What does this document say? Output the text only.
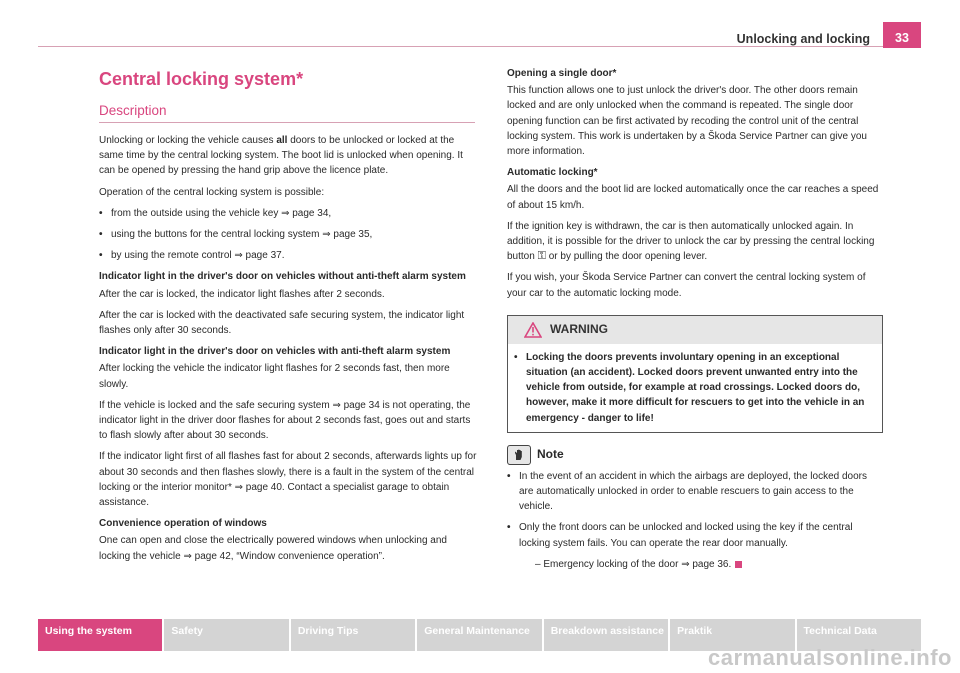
Unlocking and locking	33
Central locking system*
Description

Unlocking or locking the vehicle causes all doors to be unlocked or locked at the same time by the central locking system. The boot lid is unlocked when opening. It can be opened by pressing the hand grip above the licence plate.

Operation of the central locking system is possible:

• from the outside using the vehicle key ⇒ page 34,
• using the buttons for the central locking system ⇒ page 35,
• by using the remote control ⇒ page 37.

Indicator light in the driver's door on vehicles without anti-theft alarm system

After the car is locked, the indicator light flashes after 2 seconds.

After the car is locked with the deactivated safe securing system, the indicator light flashes only after 30 seconds.

Indicator light in the driver's door on vehicles with anti-theft alarm system

After locking the vehicle the indicator light flashes for 2 seconds fast, then more slowly.

If the vehicle is locked and the safe securing system ⇒ page 34 is not operating, the indicator light in the driver door flashes for about 2 seconds fast, goes out and starts to flash slowly after about 30 seconds.

If the indicator light first of all flashes fast for about 2 seconds, afterwards lights up for about 30 seconds and then flashes slowly, there is a fault in the system of the central locking or the interior monitor* ⇒ page 40. Contact a specialist garage to obtain assistance.

Convenience operation of windows

One can open and close the electrically powered windows when unlocking and locking the vehicle ⇒ page 42, “Window convenience operation”.

Opening a single door*

This function allows one to just unlock the driver's door. The other doors remain locked and are only unlocked when the command is repeated. The single door opening function can be first activated by recoding the control unit of the central locking system. This work is undertaken by a Škoda Service Partner can give you more information.

Automatic locking*

All the doors and the boot lid are locked automatically once the car reaches a speed of about 15 km/h.

If the ignition key is withdrawn, the car is then automatically unlocked again. In addition, it is possible for the driver to unlock the car by pressing the central locking button ⚿ or by pulling the door opening lever.

If you wish, your Škoda Service Partner can convert the central locking system of your car to the automatic locking mode.

WARNING
• Locking the doors prevents involuntary opening in an exceptional situation (an accident). Locked doors prevent unwanted entry into the vehicle from outside, for example at road crossings. Locked doors do, however, make it more difficult for rescuers to get into the vehicle in an emergency - danger to life!
Note
• In the event of an accident in which the airbags are deployed, the locked doors are automatically unlocked in order to enable rescuers to gain access to the vehicle.
• Only the front doors can be unlocked and locked using the key if the central locking system fails. You can operate the rear door manually.

– Emergency locking of the door ⇒ page 36.

Using the system	Safety	Driving Tips	General Maintenance	Breakdown assistance	Praktik	Technical Data
carmanualsonline.info
